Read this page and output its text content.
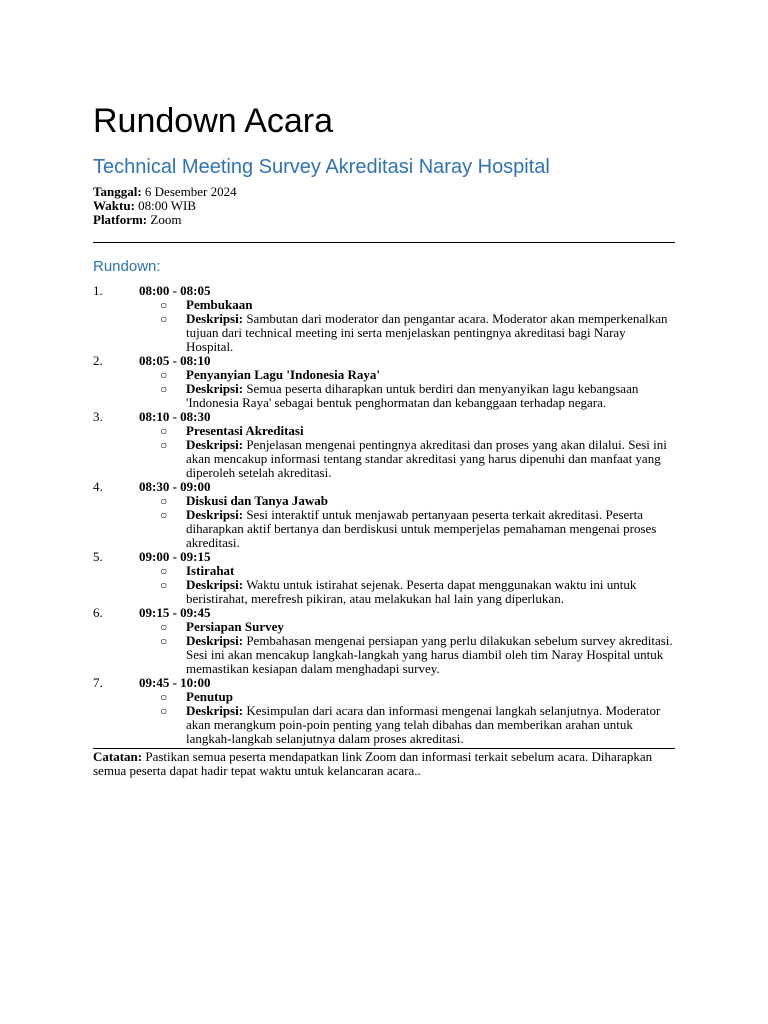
Rundown Acara
Technical Meeting Survey Akreditasi Naray Hospital
Tanggal: 6 Desember 2024
Waktu: 08:00 WIB
Platform: Zoom
Rundown:
1.	08:00 - 08:05
○ Pembukaan
○ Deskripsi: Sambutan dari moderator dan pengantar acara. Moderator akan memperkenalkan tujuan dari technical meeting ini serta menjelaskan pentingnya akreditasi bagi Naray Hospital.
2.	08:05 - 08:10
○ Penyanyian Lagu 'Indonesia Raya'
○ Deskripsi: Semua peserta diharapkan untuk berdiri dan menyanyikan lagu kebangsaan 'Indonesia Raya' sebagai bentuk penghormatan dan kebanggaan terhadap negara.
3.	08:10 - 08:30
○ Presentasi Akreditasi
○ Deskripsi: Penjelasan mengenai pentingnya akreditasi dan proses yang akan dilalui. Sesi ini akan mencakup informasi tentang standar akreditasi yang harus dipenuhi dan manfaat yang diperoleh setelah akreditasi.
4.	08:30 - 09:00
○ Diskusi dan Tanya Jawab
○ Deskripsi: Sesi interaktif untuk menjawab pertanyaan peserta terkait akreditasi. Peserta diharapkan aktif bertanya dan berdiskusi untuk memperjelas pemahaman mengenai proses akreditasi.
5.	09:00 - 09:15
○ Istirahat
○ Deskripsi: Waktu untuk istirahat sejenak. Peserta dapat menggunakan waktu ini untuk beristirahat, merefresh pikiran, atau melakukan hal lain yang diperlukan.
6.	09:15 - 09:45
○ Persiapan Survey
○ Deskripsi: Pembahasan mengenai persiapan yang perlu dilakukan sebelum survey akreditasi. Sesi ini akan mencakup langkah-langkah yang harus diambil oleh tim Naray Hospital untuk memastikan kesiapan dalam menghadapi survey.
7.	09:45 - 10:00
○ Penutup
○ Deskripsi: Kesimpulan dari acara dan informasi mengenai langkah selanjutnya. Moderator akan merangkum poin-poin penting yang telah dibahas dan memberikan arahan untuk langkah-langkah selanjutnya dalam proses akreditasi.
Catatan: Pastikan semua peserta mendapatkan link Zoom dan informasi terkait sebelum acara. Diharapkan semua peserta dapat hadir tepat waktu untuk kelancaran acara..
